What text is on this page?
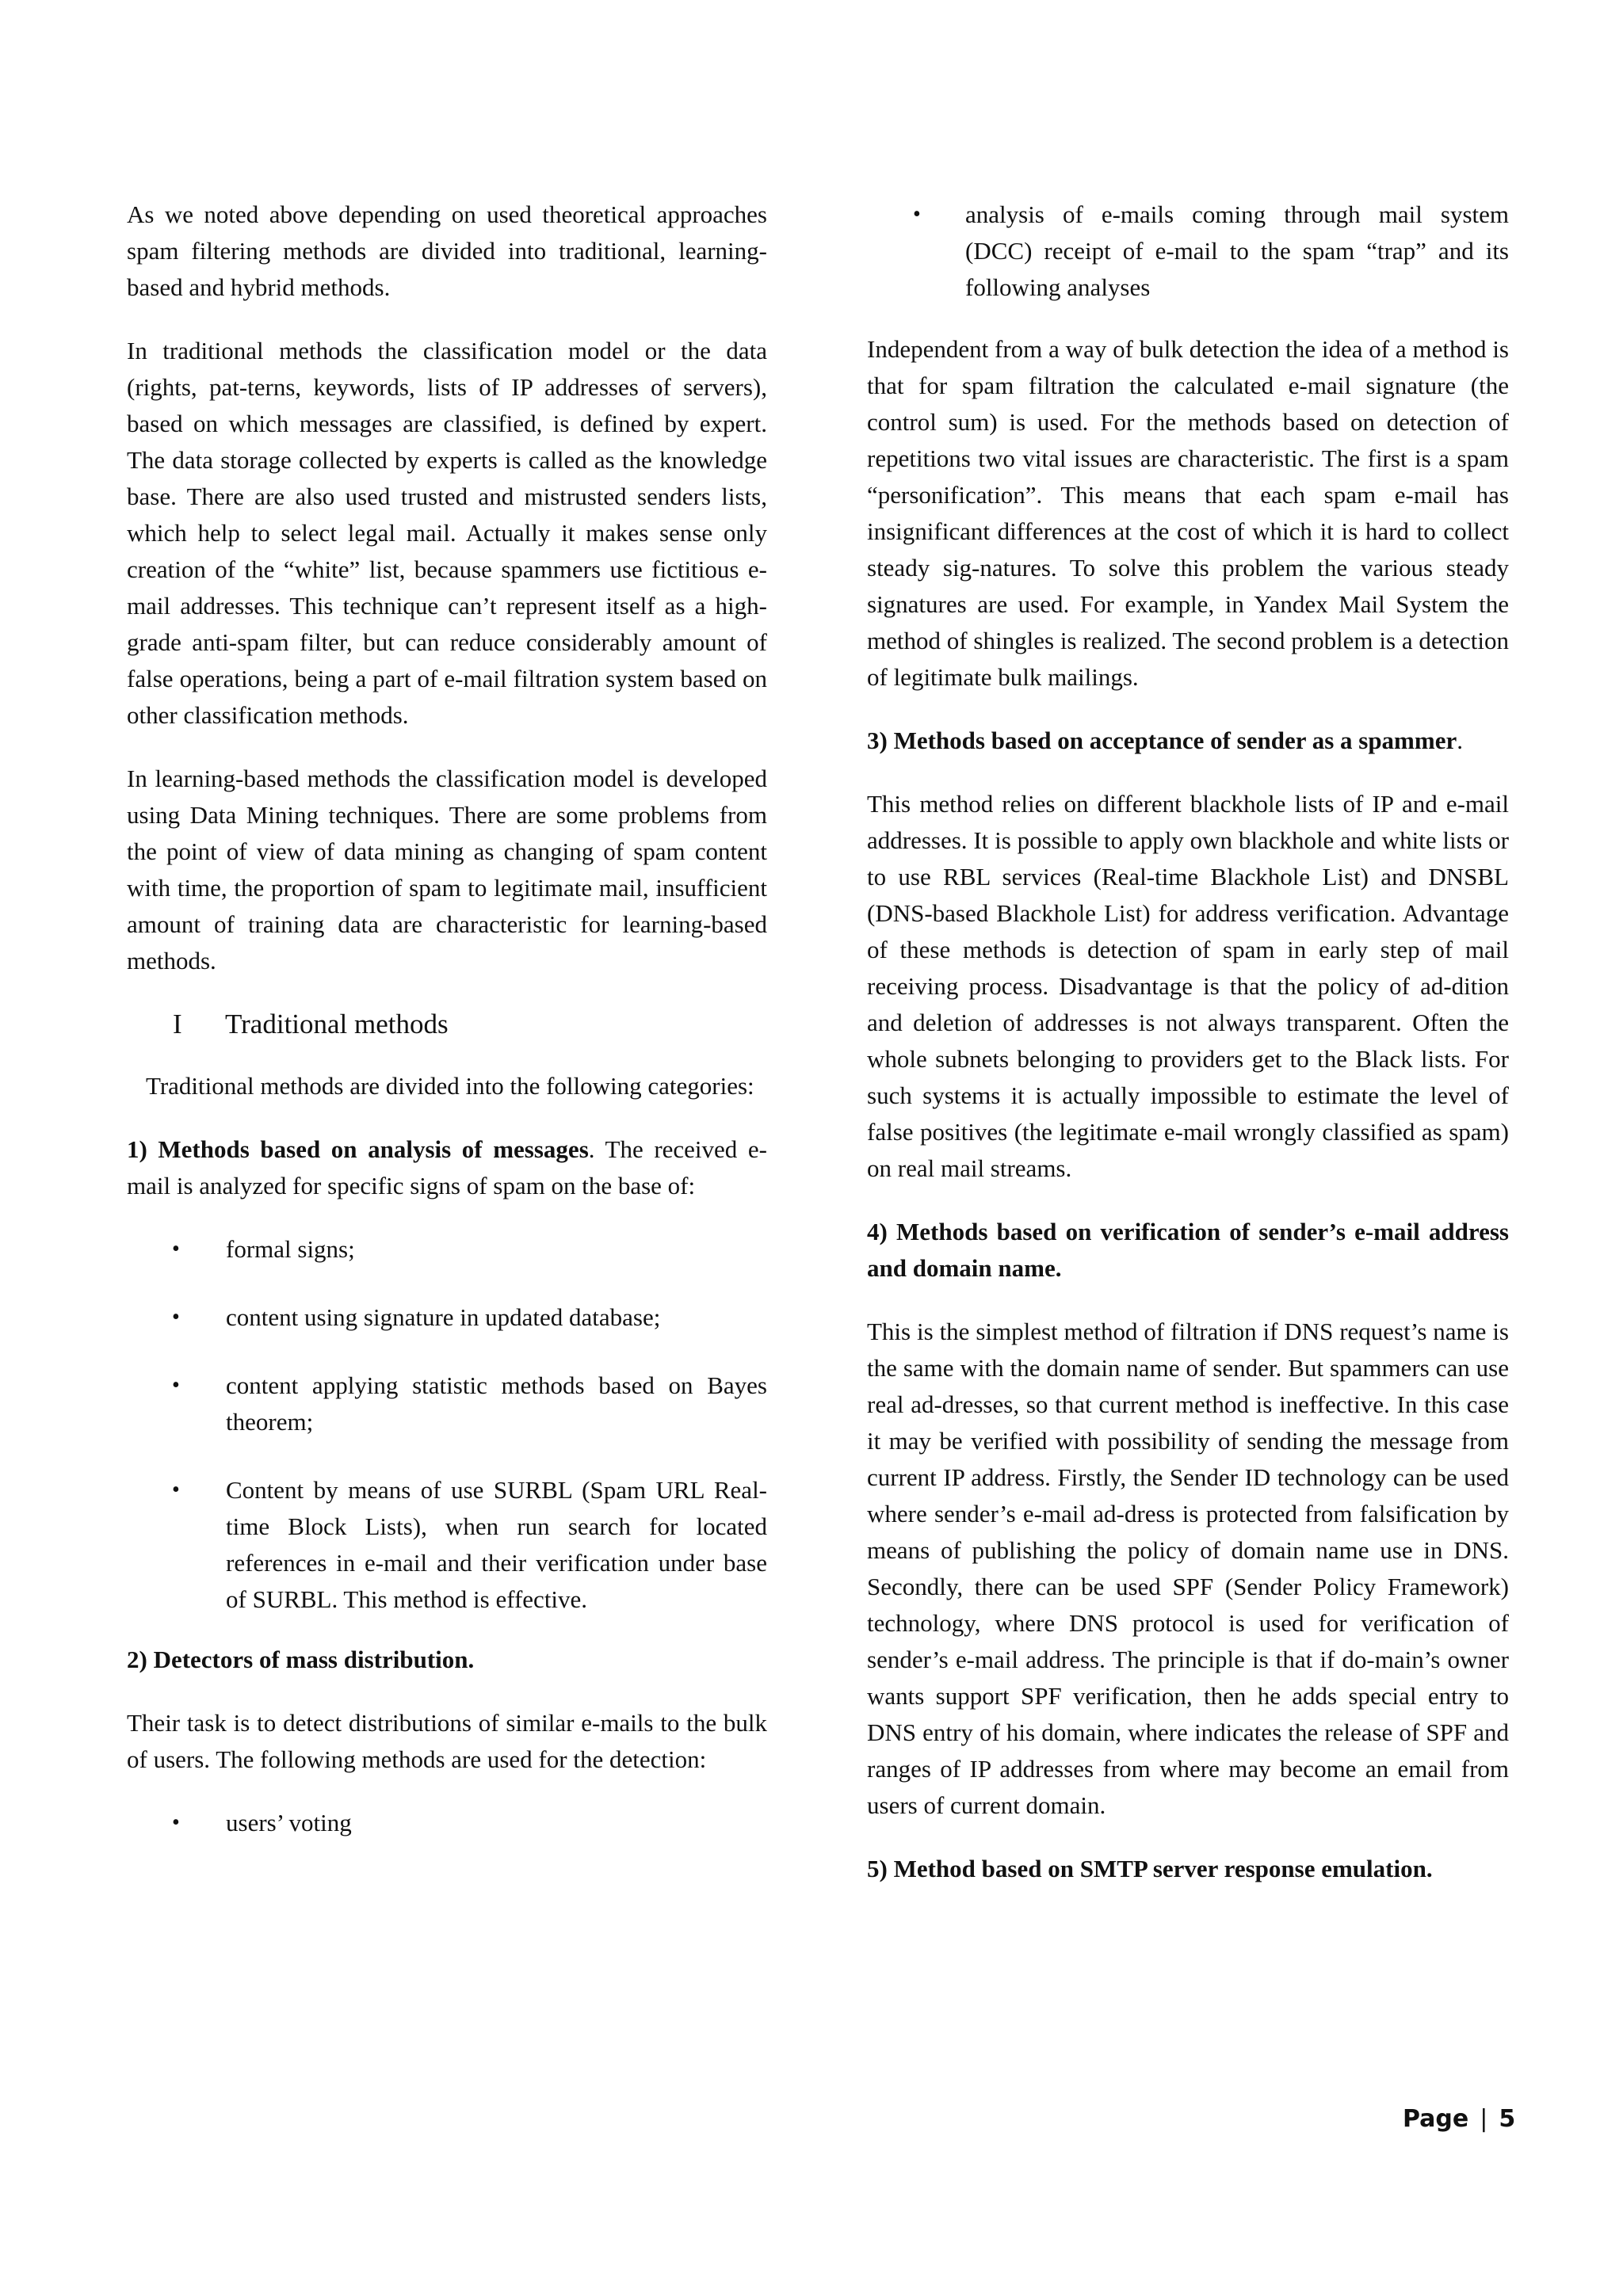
As we noted above depending on used theoretical approaches spam filtering methods are divided into traditional, learning-based and hybrid methods.

In traditional methods the classification model or the data (rights, pat-terns, keywords, lists of IP addresses of servers), based on which messages are classified, is defined by expert. The data storage collected by experts is called as the knowledge base. There are also used trusted and mistrusted senders lists, which help to select legal mail. Actually it makes sense only creation of the “white” list, because spammers use fictitious e-mail addresses. This technique can’t represent itself as a high-grade anti-spam filter, but can reduce considerably amount of false operations, being a part of e-mail filtration system based on other classification methods.

In learning-based methods the classification model is developed using Data Mining techniques. There are some problems from the point of view of data mining as changing of spam content with time, the proportion of spam to legitimate mail, insufficient amount of training data are characteristic for learning-based methods.

I	Traditional methods

Traditional methods are divided into the following categories:

1) Methods based on analysis of messages. The received e-mail is analyzed for specific signs of spam on the base of:

• formal signs;
• content using signature in updated database;
• content applying statistic methods based on Bayes theorem;
• Content by means of use SURBL (Spam URL Real-time Block Lists), when run search for located references in e-mail and their verification under base of SURBL. This method is effective.

2) Detectors of mass distribution.

Their task is to detect distributions of similar e-mails to the bulk of users. The following methods are used for the detection:

• users’ voting
• analysis of e-mails coming through mail system (DCC) receipt of e-mail to the spam “trap” and its following analyses

Independent from a way of bulk detection the idea of a method is that for spam filtration the calculated e-mail signature (the control sum) is used. For the methods based on detection of repetitions two vital issues are characteristic. The first is a spam “personification”. This means that each spam e-mail has insignificant differences at the cost of which it is hard to collect steady sig-natures. To solve this problem the various steady signatures are used. For example, in Yandex Mail System the method of shingles is realized. The second problem is a detection of legitimate bulk mailings.

3) Methods based on acceptance of sender as a spammer.

This method relies on different blackhole lists of IP and e-mail addresses. It is possible to apply own blackhole and white lists or to use RBL services (Real-time Blackhole List) and DNSBL (DNS-based Blackhole List) for address verification. Advantage of these methods is detection of spam in early step of mail receiving process. Disadvantage is that the policy of ad-dition and deletion of addresses is not always transparent. Often the whole subnets belonging to providers get to the Black lists. For such systems it is actually impossible to estimate the level of false positives (the legitimate e-mail wrongly classified as spam) on real mail streams.

4) Methods based on verification of sender’s e-mail address and domain name.

This is the simplest method of filtration if DNS request’s name is the same with the domain name of sender. But spammers can use real ad-dresses, so that current method is ineffective. In this case it may be verified with possibility of sending the message from current IP address. Firstly, the Sender ID technology can be used where sender’s e-mail ad-dress is protected from falsification by means of publishing the policy of domain name use in DNS. Secondly, there can be used SPF (Sender Policy Framework) technology, where DNS protocol is used for verification of sender’s e-mail address. The principle is that if do-main’s owner wants support SPF verification, then he adds special entry to DNS entry of his domain, where indicates the release of SPF and ranges of IP addresses from where may become an email from users of current domain.

5) Method based on SMTP server response emulation.

Page | 5
